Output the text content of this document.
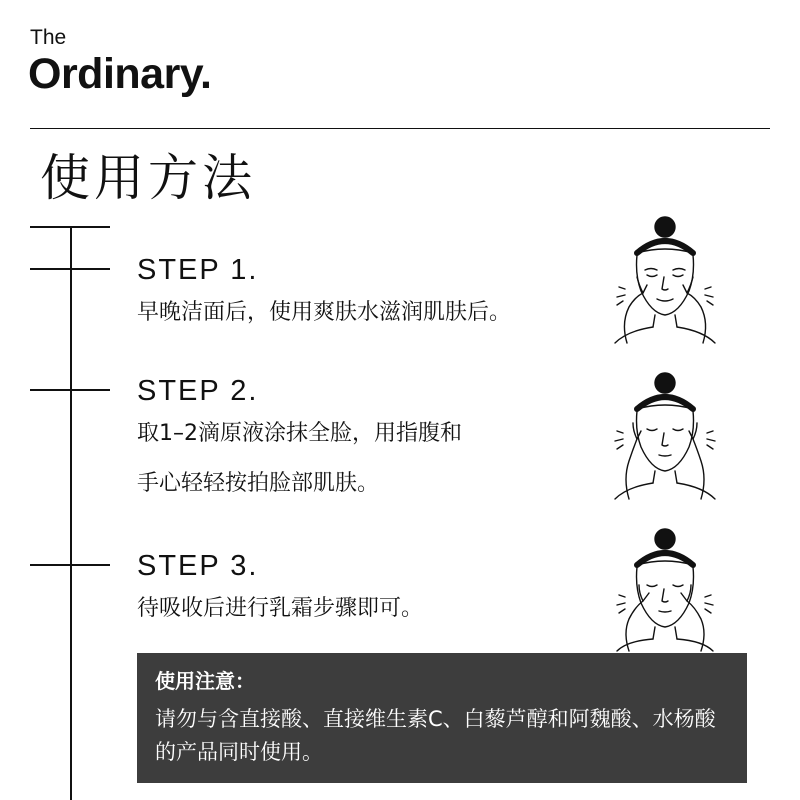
The
Ordinary.
使用方法
STEP 1.
早晚洁面后，使用爽肤水滋润肌肤后。
STEP 2.
取1–2滴原液涂抹全脸，用指腹和
手心轻轻按拍脸部肌肤。
STEP 3.
待吸收后进行乳霜步骤即可。
使用注意：
请勿与含直接酸、直接维生素C、白藜芦醇和阿魏酸、水杨酸的产品同时使用。
